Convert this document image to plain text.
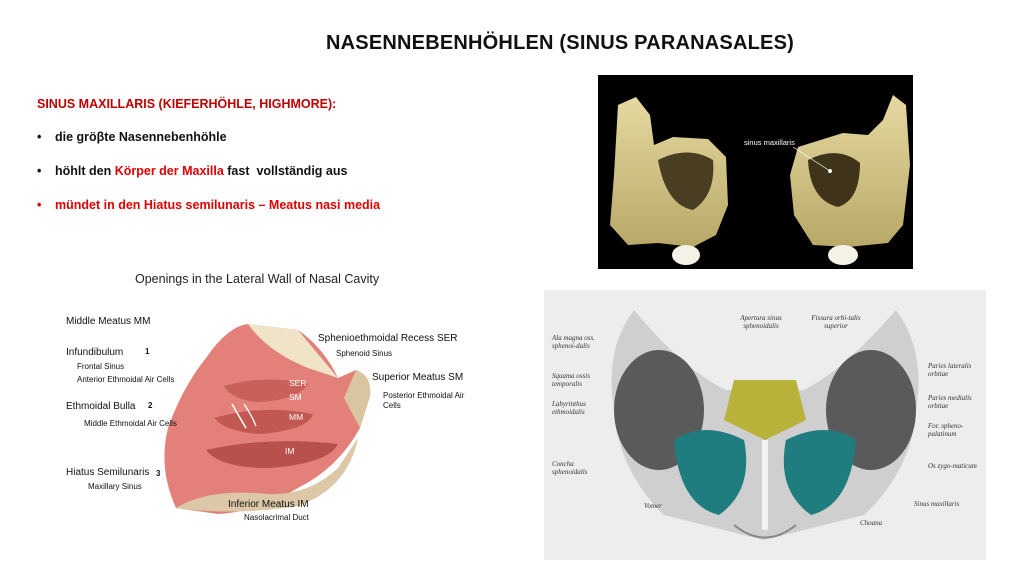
NASENNEBENHÖHLEN (SINUS PARANASALES)
SINUS MAXILLARIS (KIEFERHÖHLE, HIGHMORE):
• die gröβte Nasennebenhöhle
• höhlt den Körper der Maxilla fast  vollständig aus
• mündet in den Hiatus semilunaris – Meatus nasi media
sinus maxillaris
Openings in the Lateral Wall of Nasal Cavity
Middle Meatus MM
Infundibulum	1
Frontal Sinus
Anterior Ethmoidal Air Cells
Ethmoidal Bulla 2
Middle Ethmoidal Air Cells
Hiatus Semilunaris 3
Maxillary Sinus
SER
SM
MM
IM
Sphenioethmoidal Recess SER
Sphenoid Sinus
Superior Meatus SM
Posterior Ethmoidal Air Cells
Inferior Meatus IM
Nasolacrimal Duct
Ala magna oss. sphenoi-dalis
Squama ossis temporalis
Labyrinthus ethmoidalis
Concha sphenoidalis
Vomer
Apertura sinus sphenoidalis
Fissura orbi-talis superior
Paries lateralis orbitae
Paries medialis orbitae
For. spheno-palatinum
Os zygo-maticum
Sinus maxillaris
Choana
